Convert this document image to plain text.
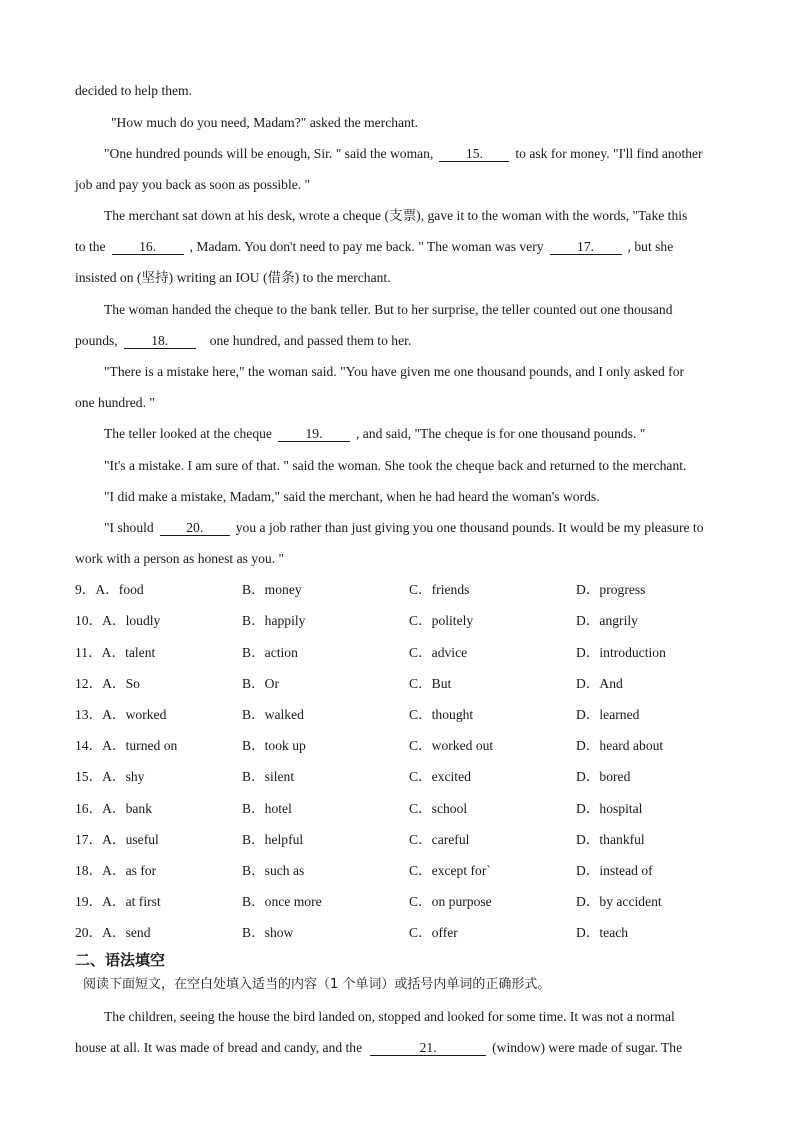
decided to help them.
"How much do you need, Madam?" asked the merchant.
"One hundred pounds will be enough, Sir. " said the woman, 15. to ask for money. "I'll find another
job and pay you back as soon as possible. "
The merchant sat down at his desk, wrote a cheque (支票), gave it to the woman with the words, "Take this
to the 16. , Madam. You don't need to pay me back. " The woman was very 17. , but she
insisted on (坚持) writing an IOU (借条) to the merchant.
The woman handed the cheque to the bank teller. But to her surprise, the teller counted out one thousand
pounds, 18.	one hundred, and passed them to her.
"There is a mistake here," the woman said. "You have given me one thousand pounds, and I only asked for
one hundred. "
The teller looked at the cheque 19. , and said, "The cheque is for one thousand pounds. "
"It's a mistake. I am sure of that. " said the woman. She took the cheque back and returned to the merchant.
"I did make a mistake, Madam," said the merchant, when he had heard the woman's words.
"I should 20. you a job rather than just giving you one thousand pounds. It would be my pleasure to
work with a person as honest as you. "
9．A．food	B．money	C．friends	D．progress
10．A．loudly	B．happily	C．politely	D．angrily
11．A．talent	B．action	C．advice	D．introduction
12．A．So	B．Or	C．But	D．And
13．A．worked	B．walked	C．thought	D．learned
14．A．turned on	B．took up	C．worked out	D．heard about
15．A．shy	B．silent	C．excited	D．bored
16．A．bank	B．hotel	C．school	D．hospital
17．A．useful	B．helpful	C．careful	D．thankful
18．A．as for	B．such as	C．except for`	D．instead of
19．A．at first	B．once more	C．on purpose	D．by accident
20．A．send	B．show	C．offer	D．teach
二、语法填空
阅读下面短文，在空白处填入适当的内容（1 个单词）或括号内单词的正确形式。
The children, seeing the house the bird landed on, stopped and looked for some time. It was not a normal
house at all. It was made of bread and candy, and the	21.	(window) were made of sugar. The
